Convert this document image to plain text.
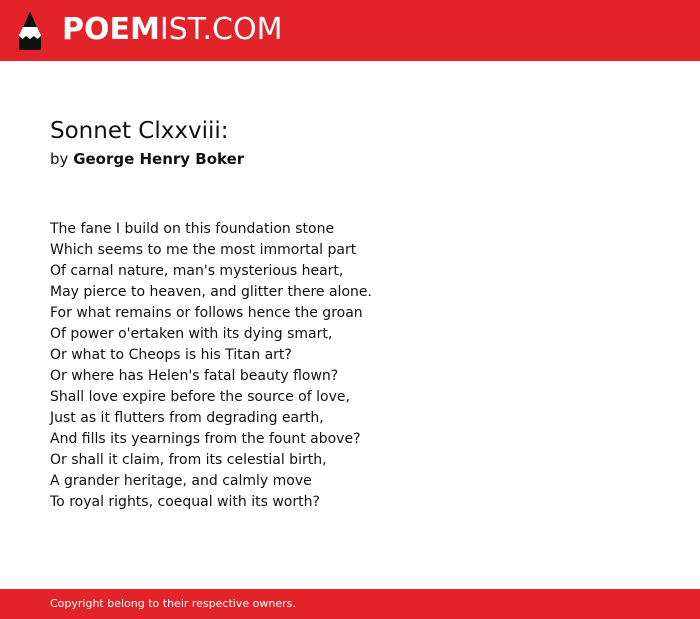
POEMIST.COM
Sonnet Clxxviii:
by George Henry Boker
The fane I build on this foundation stone
Which seems to me the most immortal part
Of carnal nature, man's mysterious heart,
May pierce to heaven, and glitter there alone.
For what remains or follows hence the groan
Of power o'ertaken with its dying smart,
Or what to Cheops is his Titan art?
Or where has Helen's fatal beauty flown?
Shall love expire before the source of love,
Just as it flutters from degrading earth,
And fills its yearnings from the fount above?
Or shall it claim, from its celestial birth,
A grander heritage, and calmly move
To royal rights, coequal with its worth?
Copyright belong to their respective owners.
